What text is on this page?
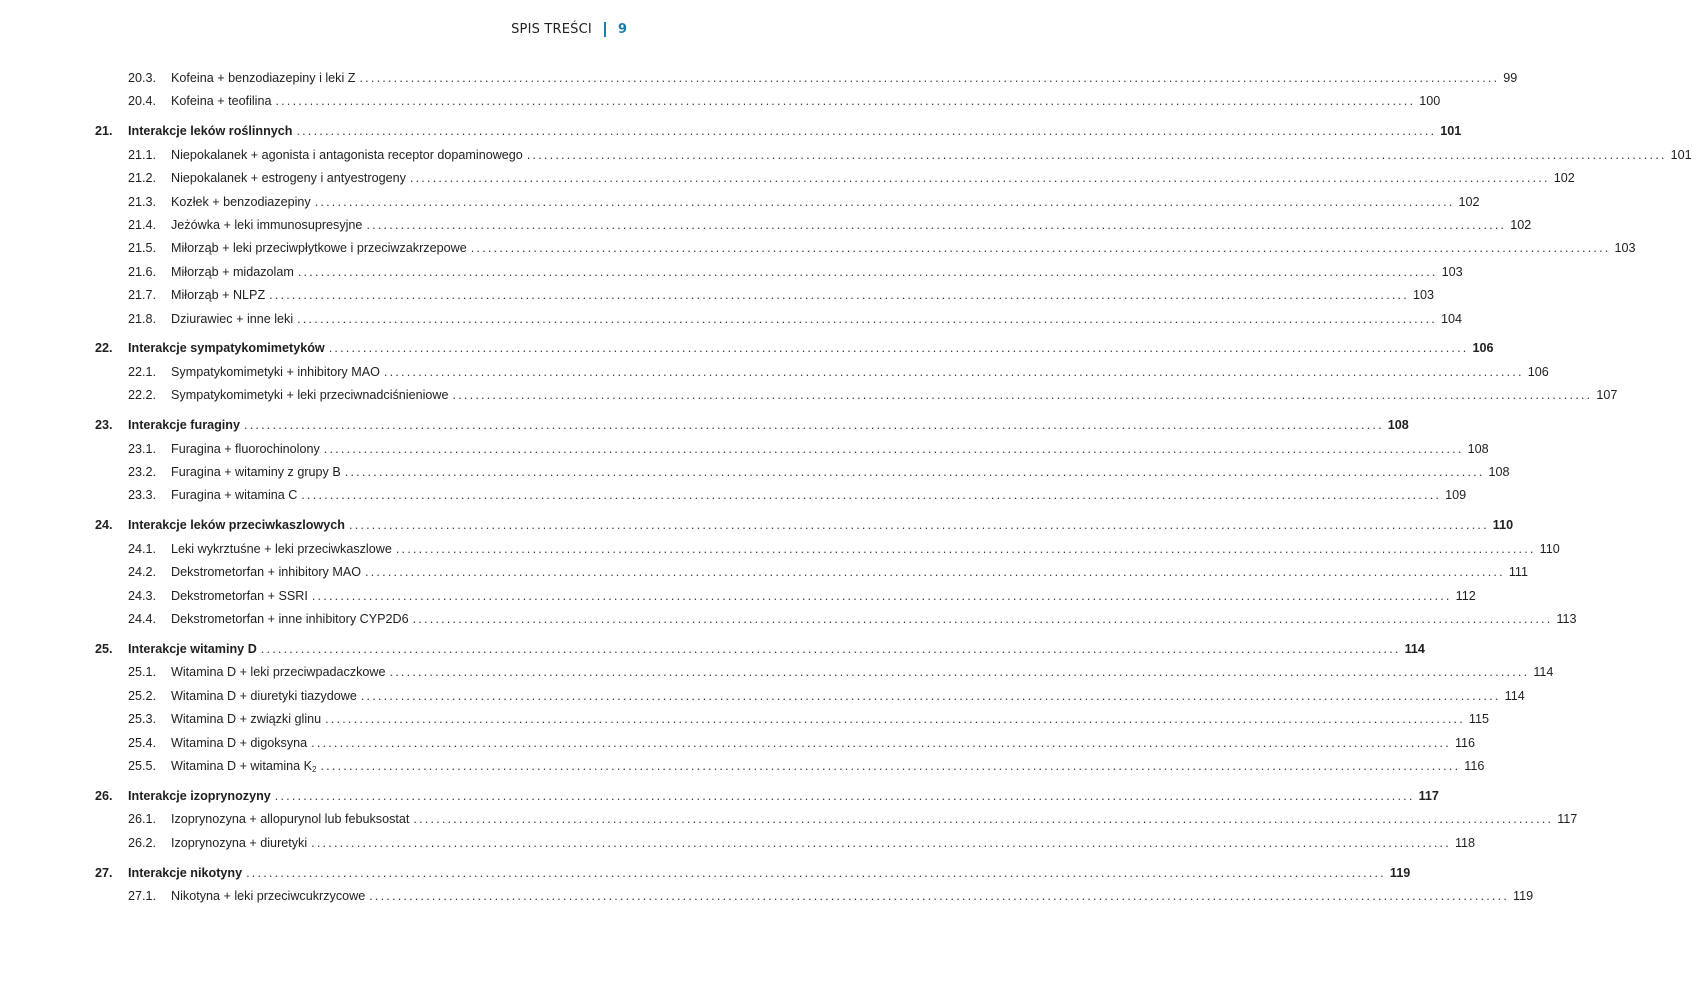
SPIS TREŚCI 9
20.3.	Kofeina + benzodiazepiny i leki Z ........................................................................................................................................................................................................ 99
20.4.	Kofeina + teofilina ........................................................................................................................................................................................................ 100
21.	Interakcje leków roślinnych ........................................................................................................................................................................................................ 101
21.1.	Niepokalanek + agonista i antagonista receptor dopaminowego ........................................................................................................................................................................................................ 101
21.2.	Niepokalanek + estrogeny i antyestrogeny ........................................................................................................................................................................................................ 102
21.3.	Kozłek + benzodiazepiny ........................................................................................................................................................................................................ 102
21.4.	Jeżówka + leki immunosupresyjne ........................................................................................................................................................................................................ 102
21.5.	Miłorząb + leki przeciwpłytkowe i przeciwzakrzepowe ........................................................................................................................................................................................................ 103
21.6.	Miłorząb + midazolam ........................................................................................................................................................................................................ 103
21.7.	Miłorząb + NLPZ ........................................................................................................................................................................................................ 103
21.8.	Dziurawiec + inne leki ........................................................................................................................................................................................................ 104
22.	Interakcje sympatykomimetyków ........................................................................................................................................................................................................ 106
22.1.	Sympatykomimetyki + inhibitory MAO ........................................................................................................................................................................................................ 106
22.2.	Sympatykomimetyki + leki przeciwnadciśnieniowe ........................................................................................................................................................................................................ 107
23.	Interakcje furaginy ........................................................................................................................................................................................................ 108
23.1.	Furagina + fluorochinolony ........................................................................................................................................................................................................ 108
23.2.	Furagina + witaminy z grupy B ........................................................................................................................................................................................................ 108
23.3.	Furagina + witamina C ........................................................................................................................................................................................................ 109
24.	Interakcje leków przeciwkaszlowych ........................................................................................................................................................................................................ 110
24.1.	Leki wykrztuśne + leki przeciwkaszlowe ........................................................................................................................................................................................................ 110
24.2.	Dekstrometorfan + inhibitory MAO ........................................................................................................................................................................................................ 111
24.3.	Dekstrometorfan + SSRI ........................................................................................................................................................................................................ 112
24.4.	Dekstrometorfan + inne inhibitory CYP2D6 ........................................................................................................................................................................................................ 113
25.	Interakcje witaminy D ........................................................................................................................................................................................................ 114
25.1.	Witamina D + leki przeciwpadaczkowe ........................................................................................................................................................................................................ 114
25.2.	Witamina D + diuretyki tiazydowe ........................................................................................................................................................................................................ 114
25.3.	Witamina D + związki glinu ........................................................................................................................................................................................................ 115
25.4.	Witamina D + digoksyna ........................................................................................................................................................................................................ 116
25.5.	Witamina D + witamina $K_2$ ........................................................................................................................................................................................................ 116
26.	Interakcje izoprynozyny ........................................................................................................................................................................................................ 117
26.1.	Izoprynozyna + allopurynol lub febuksostat ........................................................................................................................................................................................................ 117
26.2.	Izoprynozyna + diuretyki ........................................................................................................................................................................................................ 118
27.	Interakcje nikotyny ........................................................................................................................................................................................................ 119
27.1.	Nikotyna + leki przeciwcukrzycowe ........................................................................................................................................................................................................ 119
